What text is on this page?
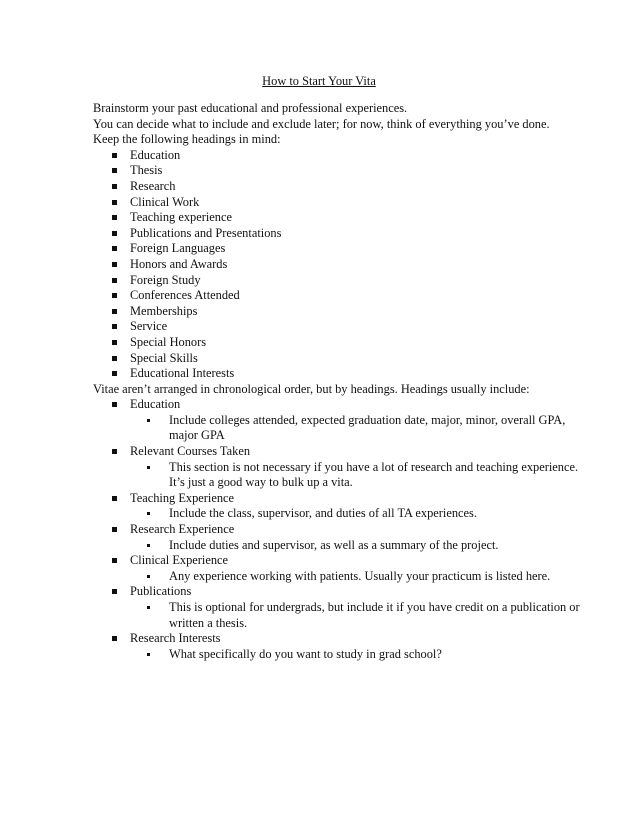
How to Start Your Vita

Brainstorm your past educational and professional experiences.

You can decide what to include and exclude later; for now, think of everything you’ve done.

Keep the following headings in mind:

Education
Thesis
Research
Clinical Work
Teaching experience
Publications and Presentations
Foreign Languages
Honors and Awards
Foreign Study
Conferences Attended
Memberships
Service
Special Honors
Special Skills
Educational Interests

Vitae aren’t arranged in chronological order, but by headings. Headings usually include:

Education
Include colleges attended, expected graduation date, major, minor, overall GPA, major GPA
Relevant Courses Taken
This section is not necessary if you have a lot of research and teaching experience. It’s just a good way to bulk up a vita.
Teaching Experience
Include the class, supervisor, and duties of all TA experiences.
Research Experience
Include duties and supervisor, as well as a summary of the project.
Clinical Experience
Any experience working with patients. Usually your practicum is listed here.
Publications
This is optional for undergrads, but include it if you have credit on a publication or written a thesis.
Research Interests
What specifically do you want to study in grad school?
